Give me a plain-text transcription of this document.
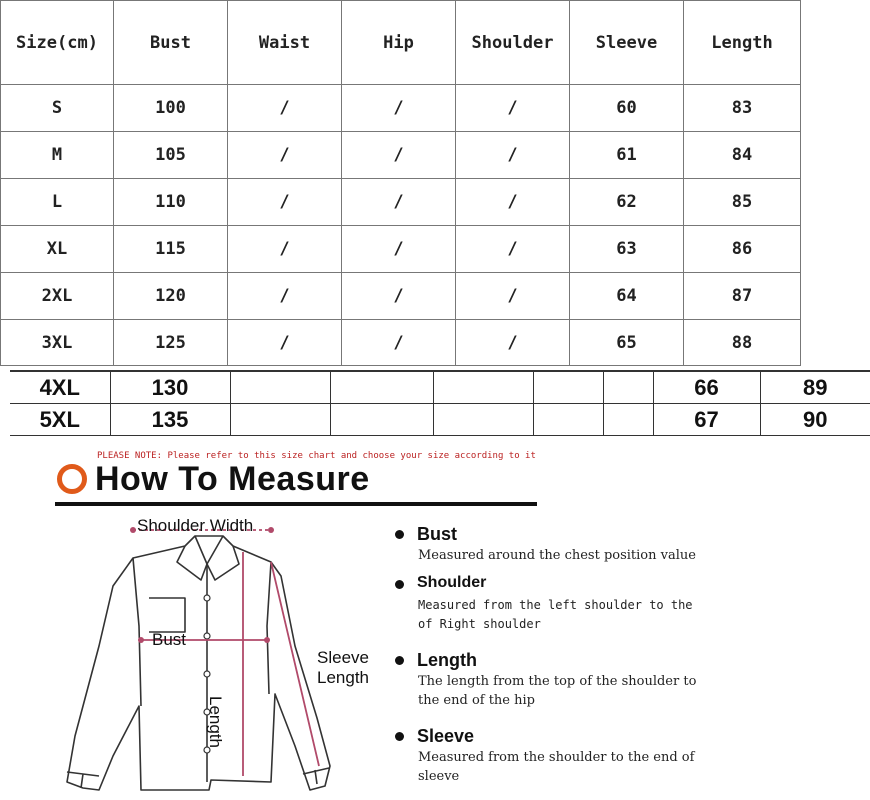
Size(cm)	Bust	Waist	Hip	Shoulder	Sleeve	Length
S	100	/	/	/	60	83
M	105	/	/	/	61	84
L	110	/	/	/	62	85
XL	115	/	/	/	63	86
2XL	120	/	/	/	64	87
3XL	125	/	/	/	65	88
4XL	130						66	89
5XL	135						67	90
PLEASE NOTE: Please refer to this size chart and choose your size according to it
How To Measure
Shoulder Width
Bust
Length
Sleeve
Length
Bust
Measured around the chest position value
Shoulder
Measured from the left shoulder to the of Right shoulder
Length
The length from the top of the shoulder to the end of the hip
Sleeve
Measured from the shoulder to the end of sleeve
